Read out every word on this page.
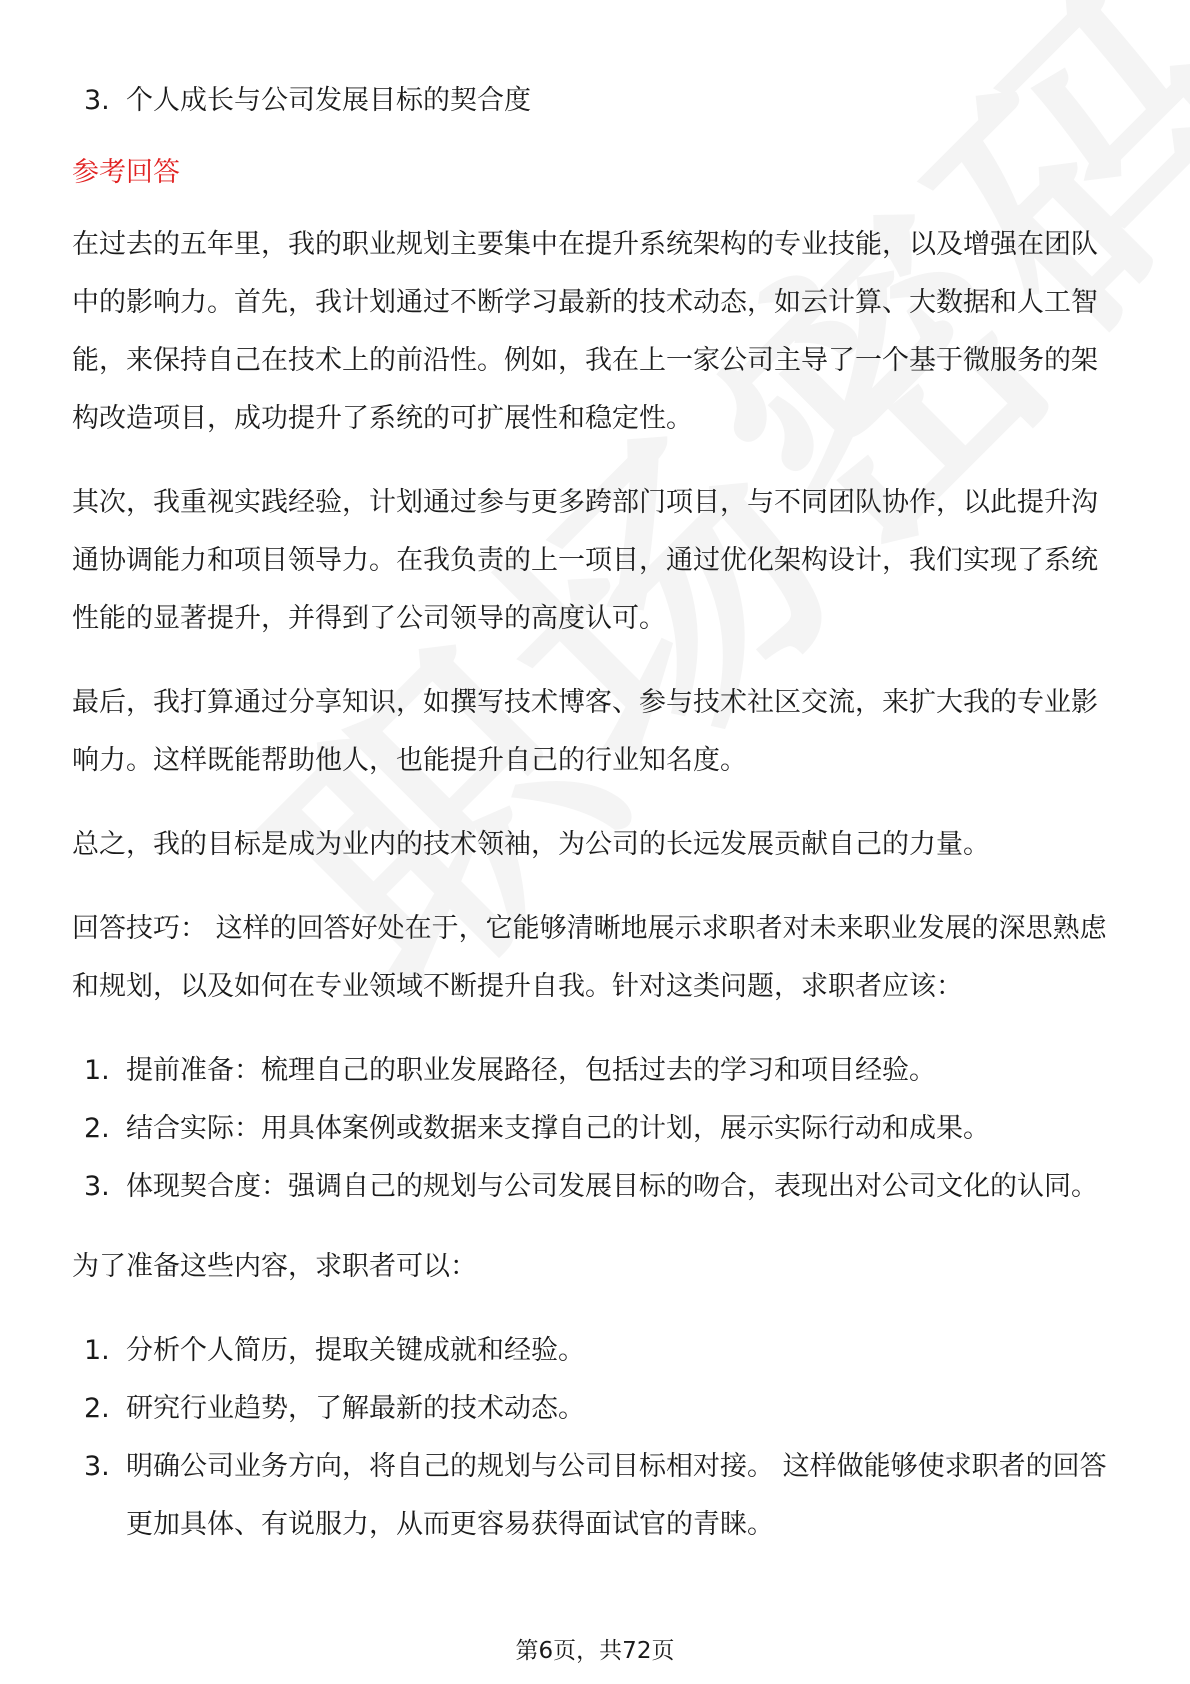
3. 个人成长与公司发展目标的契合度
参考回答

在过去的五年里，我的职业规划主要集中在提升系统架构的专业技能，以及增强在团队中的影响力。首先，我计划通过不断学习最新的技术动态，如云计算、大数据和人工智能，来保持自己在技术上的前沿性。例如，我在上一家公司主导了一个基于微服务的架构改造项目，成功提升了系统的可扩展性和稳定性。

其次，我重视实践经验，计划通过参与更多跨部门项目，与不同团队协作，以此提升沟通协调能力和项目领导力。在我负责的上一项目，通过优化架构设计，我们实现了系统性能的显著提升，并得到了公司领导的高度认可。

最后，我打算通过分享知识，如撰写技术博客、参与技术社区交流，来扩大我的专业影响力。这样既能帮助他人，也能提升自己的行业知名度。

总之，我的目标是成为业内的技术领袖，为公司的长远发展贡献自己的力量。

回答技巧： 这样的回答好处在于，它能够清晰地展示求职者对未来职业发展的深思熟虑和规划，以及如何在专业领域不断提升自我。针对这类问题，求职者应该：

1. 提前准备：梳理自己的职业发展路径，包括过去的学习和项目经验。
2. 结合实际：用具体案例或数据来支撑自己的计划，展示实际行动和成果。
3. 体现契合度：强调自己的规划与公司发展目标的吻合，表现出对公司文化的认同。

为了准备这些内容，求职者可以：

1. 分析个人简历，提取关键成就和经验。
2. 研究行业趋势，了解最新的技术动态。
3. 明确公司业务方向，将自己的规划与公司目标相对接。 这样做能够使求职者的回答更加具体、有说服力，从而更容易获得面试官的青睐。
第6页，共72页
